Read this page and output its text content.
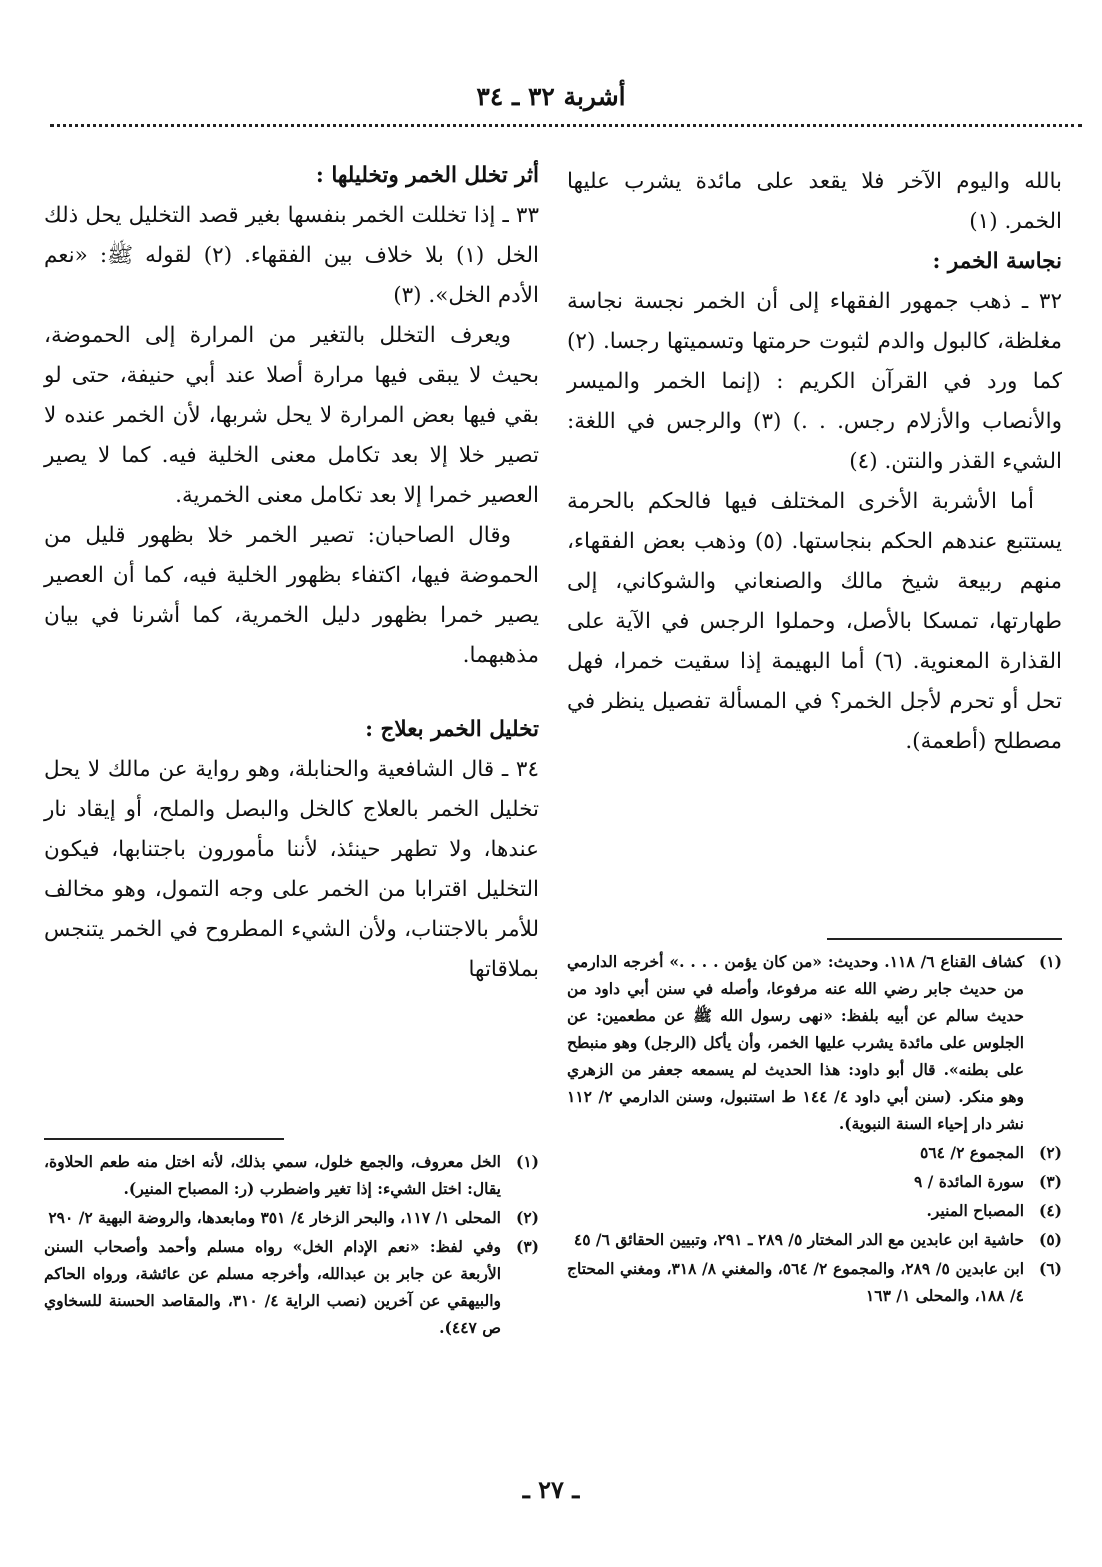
أشربة ٣٢ ـ ٣٤

بالله واليوم الآخر فلا يقعد على مائدة يشرب عليها الخمر. (١)

نجاسة الخمر :

٣٢ ـ ذهب جمهور الفقهاء إلى أن الخمر نجسة نجاسة مغلظة، كالبول والدم لثبوت حرمتها وتسميتها رجسا. (٢) كما ورد في القرآن الكريم : (إنما الخمر والميسر والأنصاب والأزلام رجس. . .) (٣) والرجس في اللغة: الشيء القذر والنتن. (٤)

أما الأشربة الأخرى المختلف فيها فالحكم بالحرمة يستتبع عندهم الحكم بنجاستها. (٥) وذهب بعض الفقهاء، منهم ربيعة شيخ مالك والصنعاني والشوكاني، إلى طهارتها، تمسكا بالأصل، وحملوا الرجس في الآية على القذارة المعنوية. (٦) أما البهيمة إذا سقيت خمرا، فهل تحل أو تحرم لأجل الخمر؟ في المسألة تفصيل ينظر في مصطلح (أطعمة).

أثر تخلل الخمر وتخليلها :

٣٣ ـ إذا تخللت الخمر بنفسها بغير قصد التخليل يحل ذلك الخل (١) بلا خلاف بين الفقهاء. (٢) لقوله ﷺ: «نعم الأدم الخل». (٣)

ويعرف التخلل بالتغير من المرارة إلى الحموضة، بحيث لا يبقى فيها مرارة أصلا عند أبي حنيفة، حتى لو بقي فيها بعض المرارة لا يحل شربها، لأن الخمر عنده لا تصير خلا إلا بعد تكامل معنى الخلية فيه. كما لا يصير العصير خمرا إلا بعد تكامل معنى الخمرية.

وقال الصاحبان: تصير الخمر خلا بظهور قليل من الحموضة فيها، اكتفاء بظهور الخلية فيه، كما أن العصير يصير خمرا بظهور دليل الخمرية، كما أشرنا في بيان مذهبهما.

تخليل الخمر بعلاج :

٣٤ ـ قال الشافعية والحنابلة، وهو رواية عن مالك لا يحل تخليل الخمر بالعلاج كالخل والبصل والملح، أو إيقاد نار عندها، ولا تطهر حينئذ، لأننا مأمورون باجتنابها، فيكون التخليل اقترابا من الخمر على وجه التمول، وهو مخالف للأمر بالاجتناب، ولأن الشيء المطروح في الخمر يتنجس بملاقاتها	(١)
كشاف القناع ٦/ ١١٨. وحديث: «من كان يؤمن . . . .» أخرجه الدارمي من حديث جابر رضي الله عنه مرفوعا، وأصله في سنن أبي داود من حديث سالم عن أبيه بلفظ: «نهى رسول الله ﷺ عن مطعمين: عن الجلوس على مائدة يشرب عليها الخمر، وأن يأكل (الرجل) وهو منبطح على بطنه». قال أبو داود: هذا الحديث لم يسمعه جعفر من الزهري وهو منكر. (سنن أبي داود ٤/ ١٤٤ ط استنبول، وسنن الدارمي ٢/ ١١٢ نشر دار إحياء السنة النبوية).
(٢)
المجموع ٢/ ٥٦٤
(٣)
سورة المائدة / ٩
(٤)
المصباح المنير.
(٥)
حاشية ابن عابدين مع الدر المختار ٥/ ٢٨٩ ـ ٢٩١، وتبيين الحقائق ٦/ ٤٥
(٦)
ابن عابدين ٥/ ٢٨٩، والمجموع ٢/ ٥٦٤، والمغني ٨/ ٣١٨، ومغني المحتاج ٤/ ١٨٨، والمحلى ١/ ١٦٣
(١)
الخل معروف، والجمع خلول، سمي بذلك، لأنه اختل منه طعم الحلاوة، يقال: اختل الشيء: إذا تغير واضطرب (ر: المصباح المنير).
(٢)
المحلى ١/ ١١٧، والبحر الزخار ٤/ ٣٥١ ومابعدها، والروضة البهية ٢/ ٢٩٠
(٣)
وفي لفظ: «نعم الإدام الخل» رواه مسلم وأحمد وأصحاب السنن الأربعة عن جابر بن عبدالله، وأخرجه مسلم عن عائشة، ورواه الحاكم والبيهقي عن آخرين (نصب الراية ٤/ ٣١٠، والمقاصد الحسنة للسخاوي ص ٤٤٧).
ـ ٢٧ ـ
